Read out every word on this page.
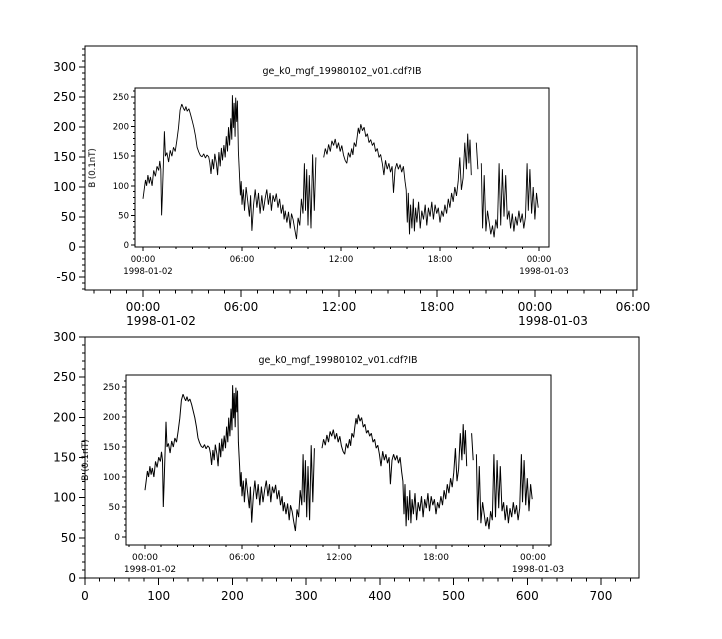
300
250
200
150
100
50
0
-50
00:00	06:00	12:00	18:00	00:00	06:00
1998-01-02	1998-01-03
300
250
200
150
100
50
0
0	100	200	300	400	500	600	700
0
50
100
150
200
250
00:00	06:00	12:00	18:00	00:00
1998-01-02	1998-01-03
0
50
100
150
200
250
00:00	06:00	12:00	18:00	00:00
1998-01-02	1998-01-03
ge_k0_mgf_19980102_v01.cdf?IB
ge_k0_mgf_19980102_v01.cdf?IB
B (0.1nT)
B (0.1nT)
